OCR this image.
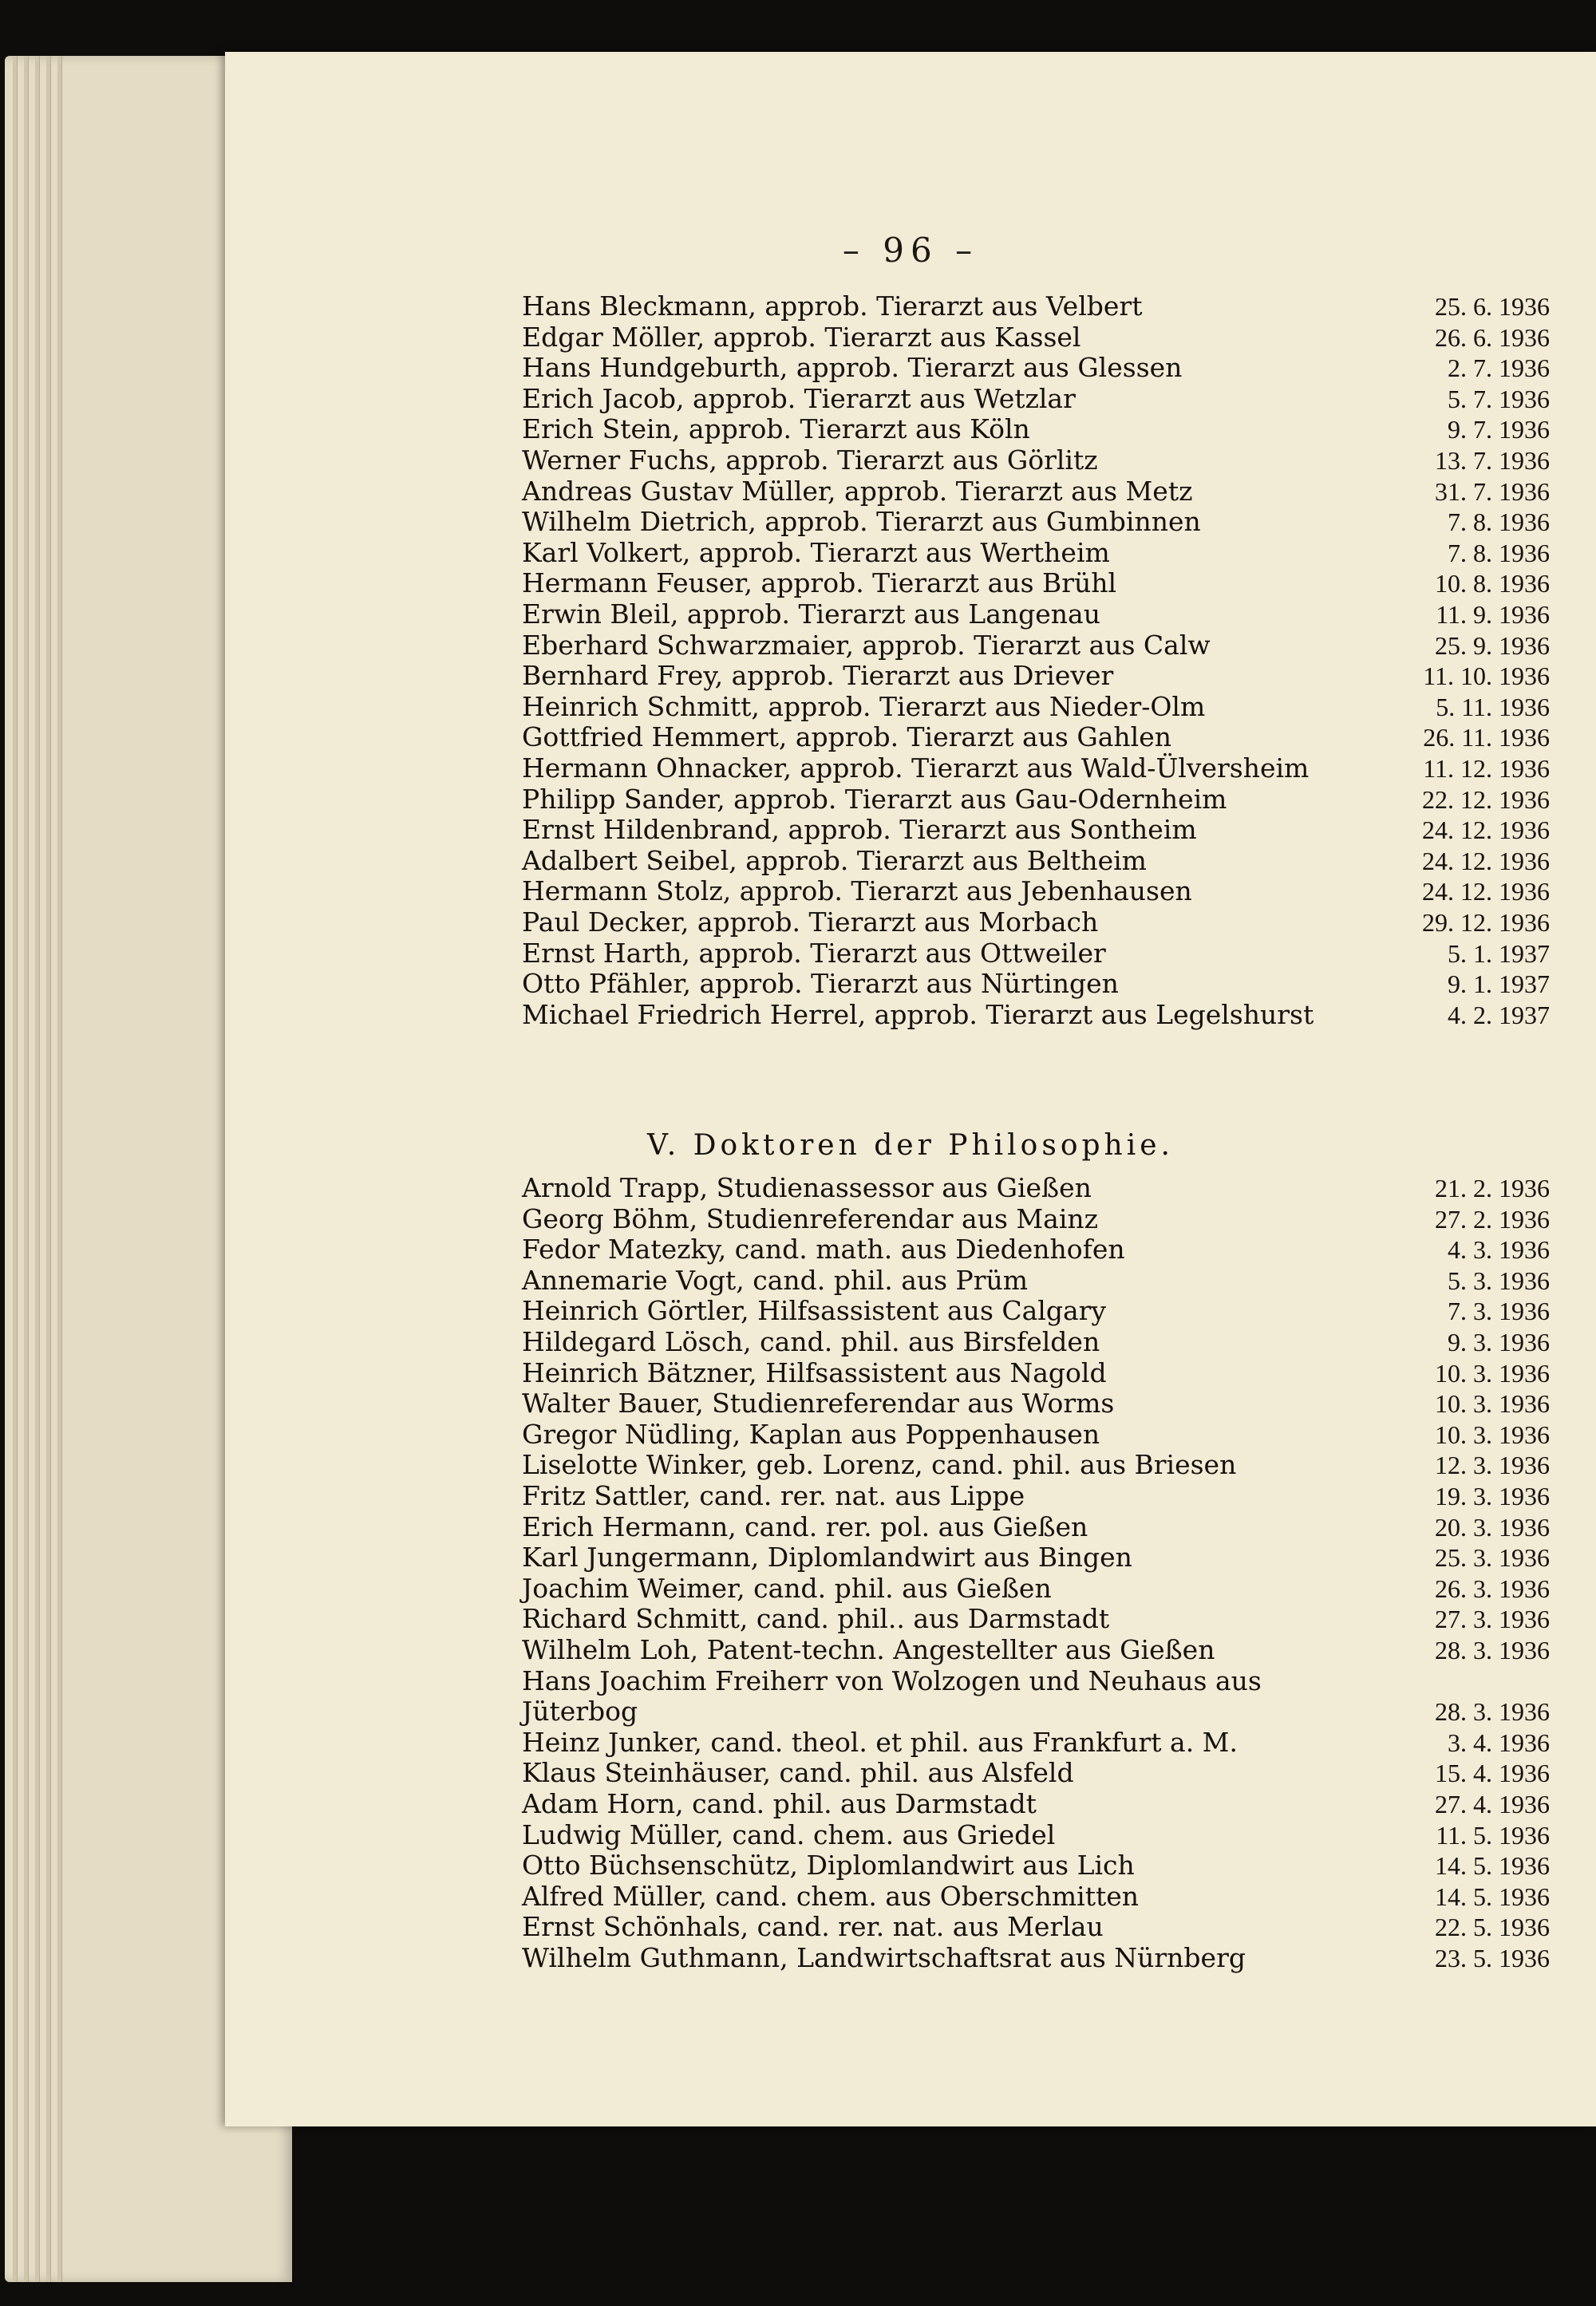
– 96 –
Hans Bleckmann, approb. Tierarzt aus Velbert	25. 6. 1936
Edgar Möller, approb. Tierarzt aus Kassel	26. 6. 1936
Hans Hundgeburth, approb. Tierarzt aus Glessen	2. 7. 1936
Erich Jacob, approb. Tierarzt aus Wetzlar	5. 7. 1936
Erich Stein, approb. Tierarzt aus Köln	9. 7. 1936
Werner Fuchs, approb. Tierarzt aus Görlitz	13. 7. 1936
Andreas Gustav Müller, approb. Tierarzt aus Metz	31. 7. 1936
Wilhelm Dietrich, approb. Tierarzt aus Gumbinnen	7. 8. 1936
Karl Volkert, approb. Tierarzt aus Wertheim	7. 8. 1936
Hermann Feuser, approb. Tierarzt aus Brühl	10. 8. 1936
Erwin Bleil, approb. Tierarzt aus Langenau	11. 9. 1936
Eberhard Schwarzmaier, approb. Tierarzt aus Calw	25. 9. 1936
Bernhard Frey, approb. Tierarzt aus Driever	11. 10. 1936
Heinrich Schmitt, approb. Tierarzt aus Nieder-Olm	5. 11. 1936
Gottfried Hemmert, approb. Tierarzt aus Gahlen	26. 11. 1936
Hermann Ohnacker, approb. Tierarzt aus Wald-Ülversheim	11. 12. 1936
Philipp Sander, approb. Tierarzt aus Gau-Odernheim	22. 12. 1936
Ernst Hildenbrand, approb. Tierarzt aus Sontheim	24. 12. 1936
Adalbert Seibel, approb. Tierarzt aus Beltheim	24. 12. 1936
Hermann Stolz, approb. Tierarzt aus Jebenhausen	24. 12. 1936
Paul Decker, approb. Tierarzt aus Morbach	29. 12. 1936
Ernst Harth, approb. Tierarzt aus Ottweiler	5. 1. 1937
Otto Pfähler, approb. Tierarzt aus Nürtingen	9. 1. 1937
Michael Friedrich Herrel, approb. Tierarzt aus Legelshurst	4. 2. 1937
V. Doktoren der Philosophie.
Arnold Trapp, Studienassessor aus Gießen	21. 2. 1936
Georg Böhm, Studienreferendar aus Mainz	27. 2. 1936
Fedor Matezky, cand. math. aus Diedenhofen	4. 3. 1936
Annemarie Vogt, cand. phil. aus Prüm	5. 3. 1936
Heinrich Görtler, Hilfsassistent aus Calgary	7. 3. 1936
Hildegard Lösch, cand. phil. aus Birsfelden	9. 3. 1936
Heinrich Bätzner, Hilfsassistent aus Nagold	10. 3. 1936
Walter Bauer, Studienreferendar aus Worms	10. 3. 1936
Gregor Nüdling, Kaplan aus Poppenhausen	10. 3. 1936
Liselotte Winker, geb. Lorenz, cand. phil. aus Briesen	12. 3. 1936
Fritz Sattler, cand. rer. nat. aus Lippe	19. 3. 1936
Erich Hermann, cand. rer. pol. aus Gießen	20. 3. 1936
Karl Jungermann, Diplomlandwirt aus Bingen	25. 3. 1936
Joachim Weimer, cand. phil. aus Gießen	26. 3. 1936
Richard Schmitt, cand. phil.. aus Darmstadt	27. 3. 1936
Wilhelm Loh, Patent-techn. Angestellter aus Gießen	28. 3. 1936
Hans Joachim Freiherr von Wolzogen und Neuhaus aus
Jüterbog	28. 3. 1936
Heinz Junker, cand. theol. et phil. aus Frankfurt a. M.	3. 4. 1936
Klaus Steinhäuser, cand. phil. aus Alsfeld	15. 4. 1936
Adam Horn, cand. phil. aus Darmstadt	27. 4. 1936
Ludwig Müller, cand. chem. aus Griedel	11. 5. 1936
Otto Büchsenschütz, Diplomlandwirt aus Lich	14. 5. 1936
Alfred Müller, cand. chem. aus Oberschmitten	14. 5. 1936
Ernst Schönhals, cand. rer. nat. aus Merlau	22. 5. 1936
Wilhelm Guthmann, Landwirtschaftsrat aus Nürnberg	23. 5. 1936
